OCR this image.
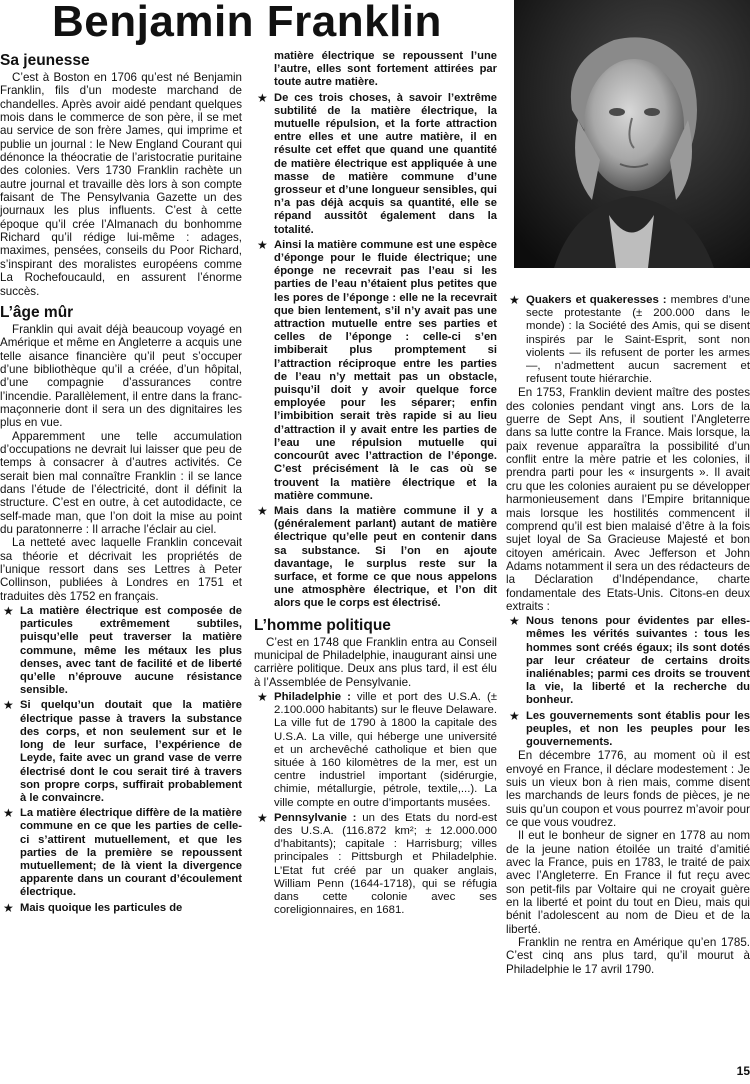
Benjamin Franklin
Sa jeunesse

C’est à Boston en 1706 qu’est né Benjamin Franklin, fils d’un modeste marchand de chandelles. Après avoir aidé pendant quelques mois dans le commerce de son père, il se met au service de son frère James, qui imprime et publie un journal : le New England Courant qui dénonce la théocratie de l’aristocratie puritaine des colonies. Vers 1730 Franklin rachète un autre journal et travaille dès lors à son compte faisant de The Pensylvania Gazette un des journaux les plus influents. C’est à cette époque qu’il crée l’Almanach du bonhomme Richard qu’il rédige lui-même : adages, maximes, pensées, conseils du Poor Richard, s’inspirant des moralistes européens comme La Rochefoucauld, en assurent l’énorme succès.

L’âge mûr

Franklin qui avait déjà beaucoup voyagé en Amérique et même en Angleterre a acquis une telle aisance financière qu’il peut s’occuper d’une bibliothèque qu’il a créée, d’un hôpital, d’une compagnie d’assurances contre l’incendie. Parallèlement, il entre dans la franc-maçonnerie dont il sera un des dignitaires les plus en vue.

Apparemment une telle accumulation d’occupations ne devrait lui laisser que peu de temps à consacrer à d’autres activités. Ce serait bien mal connaître Franklin : il se lance dans l’étude de l’électricité, dont il définit la structure. C’est en outre, à cet autodidacte, ce self-made man, que l’on doit la mise au point du paratonnerre : Il arrache l’éclair au ciel.

La netteté avec laquelle Franklin concevait sa théorie et décrivait les propriétés de l’unique ressort dans ses Lettres à Peter Collinson, publiées à Londres en 1751 et traduites dès 1752 en français.

★ La matière électrique est composée de particules extrêmement subtiles, puisqu’elle peut traverser la matière commune, même les métaux les plus denses, avec tant de facilité et de liberté qu’elle n’éprouve aucune résistance sensible.
★ Si quelqu’un doutait que la matière électrique passe à travers la substance des corps, et non seulement sur et le long de leur surface, l’expérience de Leyde, faite avec un grand vase de verre électrisé dont le cou serait tiré à travers son propre corps, suffirait probablement à le convaincre.
★ La matière électrique diffère de la matière commune en ce que les parties de celle-ci s’attirent mutuellement, et que les parties de la première se repoussent mutuellement; de là vient la divergence apparente dans un courant d’écoulement électrique.
★ Mais quoique les particules de

matière électrique se repoussent l’une l’autre, elles sont fortement attirées par toute autre matière.

★ De ces trois choses, à savoir l’extrême subtilité de la matière électrique, la mutuelle répulsion, et la forte attraction entre elles et une autre matière, il en résulte cet effet que quand une quantité de matière électrique est appliquée à une masse de matière commune d’une grosseur et d’une longueur sensibles, qui n’a pas déjà acquis sa quantité, elle se répand aussitôt également dans la totalité.
★ Ainsi la matière commune est une espèce d’éponge pour le fluide électrique; une éponge ne recevrait pas l’eau si les parties de l’eau n’étaient plus petites que les pores de l’éponge : elle ne la recevrait que bien lentement, s’il n’y avait pas une attraction mutuelle entre ses parties et celles de l’éponge : celle-ci s’en imbiberait plus promptement si l’attraction réciproque entre les parties de l’eau n’y mettait pas un obstacle, puisqu’il doit y avoir quelque force employée pour les séparer; enfin l’imbibition serait très rapide si au lieu d’attraction il y avait entre les parties de l’eau une répulsion mutuelle qui concourût avec l’attraction de l’éponge. C’est précisément là le cas où se trouvent la matière électrique et la matière commune.
★ Mais dans la matière commune il y a (généralement parlant) autant de matière électrique qu’elle peut en contenir dans sa substance. Si l’on en ajoute davantage, le surplus reste sur la surface, et forme ce que nous appelons une atmosphère électrique, et l’on dit alors que le corps est électrisé.
L’homme politique

C’est en 1748 que Franklin entra au Conseil municipal de Philadelphie, inaugurant ainsi une carrière politique. Deux ans plus tard, il est élu à l’Assemblée de Pensylvanie.

★ Philadelphie : ville et port des U.S.A. (± 2.100.000 habitants) sur le fleuve Delaware. La ville fut de 1790 à 1800 la capitale des U.S.A. La ville, qui héberge une université et un archevêché catholique et bien que située à 160 kilomètres de la mer, est un centre industriel important (sidérurgie, chimie, métallurgie, pétrole, textile,...). La ville compte en outre d’importants musées.
★ Pennsylvanie : un des Etats du nord-est des U.S.A. (116.872 km²; ± 12.000.000 d’habitants); capitale : Harrisburg; villes principales : Pittsburgh et Philadelphie. L’Etat fut créé par un quaker anglais, William Penn (1644-1718), qui se réfugia dans cette colonie avec ses coreligionnaires, en 1681.
★ Quakers et quakeresses : membres d’une secte protestante (± 200.000 dans le monde) : la Société des Amis, qui se disent inspirés par le Saint-Esprit, sont non violents — ils refusent de porter les armes —, n’admettent aucun sacrement et refusent toute hiérarchie.

En 1753, Franklin devient maître des postes des colonies pendant vingt ans. Lors de la guerre de Sept Ans, il soutient l’Angleterre dans sa lutte contre la France. Mais lorsque, la paix revenue apparaîtra la possibilité d’un conflit entre la mère patrie et les colonies, il prendra parti pour les « insurgents ». Il avait cru que les colonies auraient pu se développer harmonieusement dans l’Empire britannique mais lorsque les hostilités commencent il comprend qu’il est bien malaisé d’être à la fois sujet loyal de Sa Gracieuse Majesté et bon citoyen américain. Avec Jefferson et John Adams notamment il sera un des rédacteurs de la Déclaration d’Indépendance, charte fondamentale des Etats-Unis. Citons-en deux extraits :

★ Nous tenons pour évidentes par elles-mêmes les vérités suivantes : tous les hommes sont créés égaux; ils sont dotés par leur créateur de certains droits inaliénables; parmi ces droits se trouvent la vie, la liberté et la recherche du bonheur.
★ Les gouvernements sont établis pour les peuples, et non les peuples pour les gouvernements.

En décembre 1776, au moment où il est envoyé en France, il déclare modestement : Je suis un vieux bon à rien mais, comme disent les marchands de leurs fonds de pièces, je ne suis qu’un coupon et vous pourrez m’avoir pour ce que vous voudrez.

Il eut le bonheur de signer en 1778 au nom de la jeune nation étoilée un traité d’amitié avec la France, puis en 1783, le traité de paix avec l’Angleterre. En France il fut reçu avec son petit-fils par Voltaire qui ne croyait guère en la liberté et point du tout en Dieu, mais qui bénit l’adolescent au nom de Dieu et de la liberté.

Franklin ne rentra en Amérique qu’en 1785. C’est cinq ans plus tard, qu’il mourut à Philadelphie le 17 avril 1790.

15
